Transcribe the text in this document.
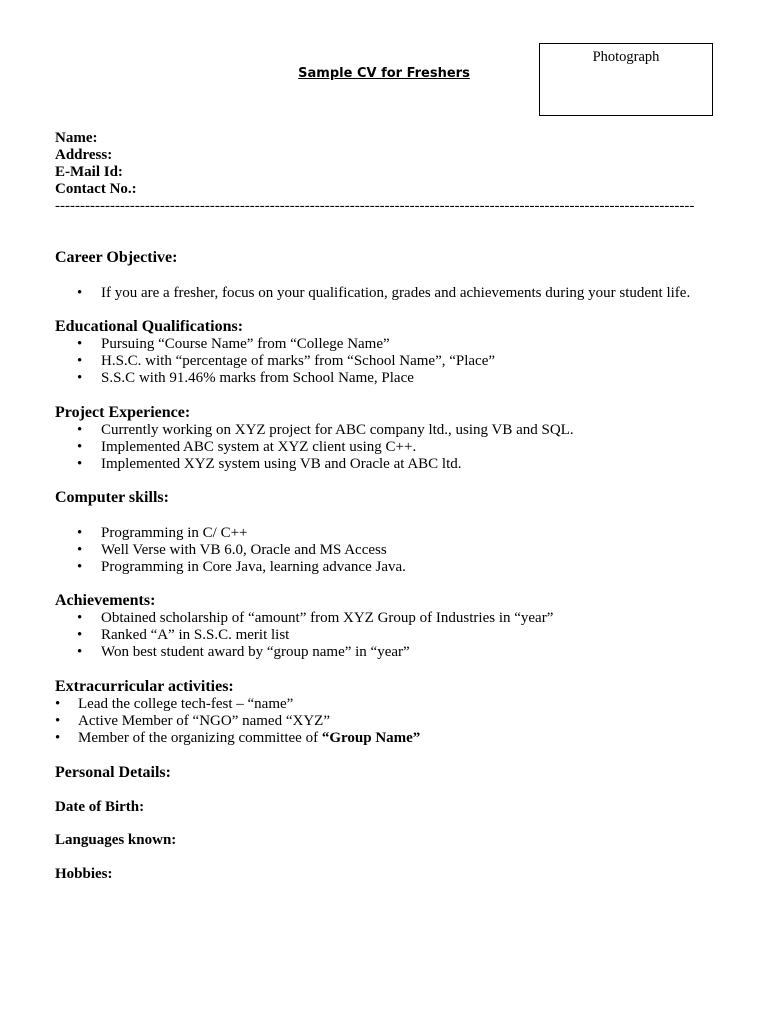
Photograph
Sample CV for Freshers
Name:
Address:
E-Mail Id:
Contact No.:
--------------------------------------------------------------------------------------------------------------------------------
Career Objective:
• If you are a fresher, focus on your qualification, grades and achievements during your student life.
Educational Qualifications:
• Pursuing “Course Name” from “College Name”
• H.S.C. with “percentage of marks” from “School Name”, “Place”
• S.S.C with 91.46% marks from School Name, Place
Project Experience:
• Currently working on XYZ project for ABC company ltd., using VB and SQL.
• Implemented ABC system at XYZ client using C++.
• Implemented XYZ system using VB and Oracle at ABC ltd.
Computer skills:
• Programming in C/ C++
• Well Verse with VB 6.0, Oracle and MS Access
• Programming in Core Java, learning advance Java.
Achievements:
• Obtained scholarship of “amount” from XYZ Group of Industries in “year”
• Ranked “A” in S.S.C. merit list
• Won best student award by “group name” in “year”
Extracurricular activities:
• Lead the college tech-fest – “name”
• Active Member of “NGO” named “XYZ”
• Member of the organizing committee of “Group Name”
Personal Details:
Date of Birth:
Languages known:
Hobbies:
